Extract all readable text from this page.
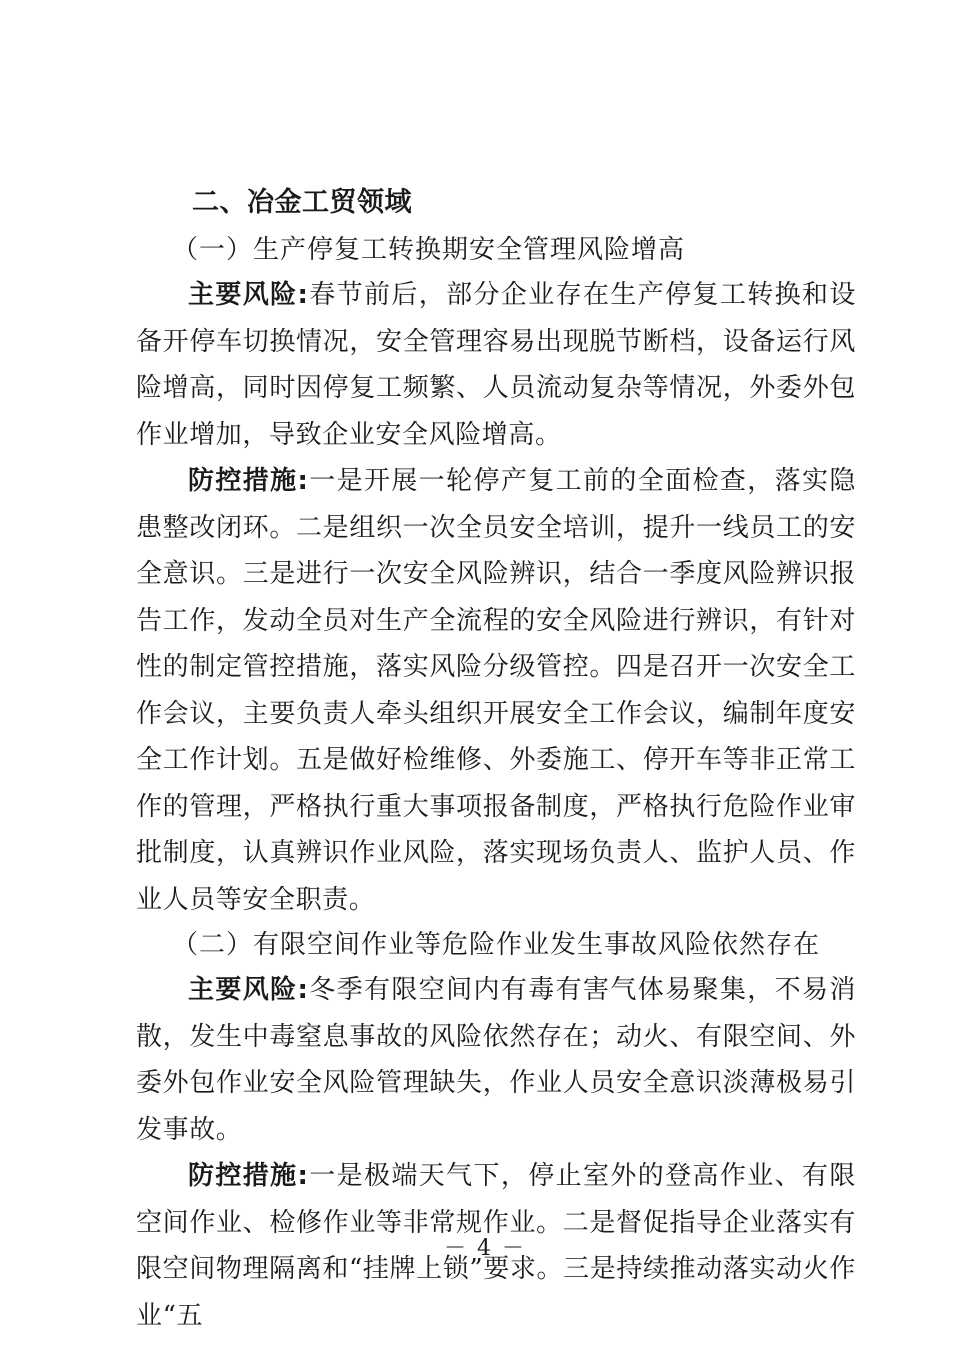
二、冶金工贸领域

（一）生产停复工转换期安全管理风险增高

主要风险:春节前后，部分企业存在生产停复工转换和设备开停车切换情况，安全管理容易出现脱节断档，设备运行风险增高，同时因停复工频繁、人员流动复杂等情况，外委外包作业增加，导致企业安全风险增高。

防控措施:一是开展一轮停产复工前的全面检查，落实隐患整改闭环。二是组织一次全员安全培训，提升一线员工的安全意识。三是进行一次安全风险辨识，结合一季度风险辨识报告工作，发动全员对生产全流程的安全风险进行辨识，有针对性的制定管控措施，落实风险分级管控。四是召开一次安全工作会议，主要负责人牵头组织开展安全工作会议，编制年度安全工作计划。五是做好检维修、外委施工、停开车等非正常工作的管理，严格执行重大事项报备制度，严格执行危险作业审批制度，认真辨识作业风险，落实现场负责人、监护人员、作业人员等安全职责。

（二）有限空间作业等危险作业发生事故风险依然存在

主要风险:冬季有限空间内有毒有害气体易聚集，不易消散，发生中毒窒息事故的风险依然存在；动火、有限空间、外委外包作业安全风险管理缺失，作业人员安全意识淡薄极易引发事故。

防控措施:一是极端天气下，停止室外的登高作业、有限空间作业、检修作业等非常规作业。二是督促指导企业落实有限空间物理隔离和“挂牌上锁”要求。三是持续推动落实动火作业“五

－ 4 －
